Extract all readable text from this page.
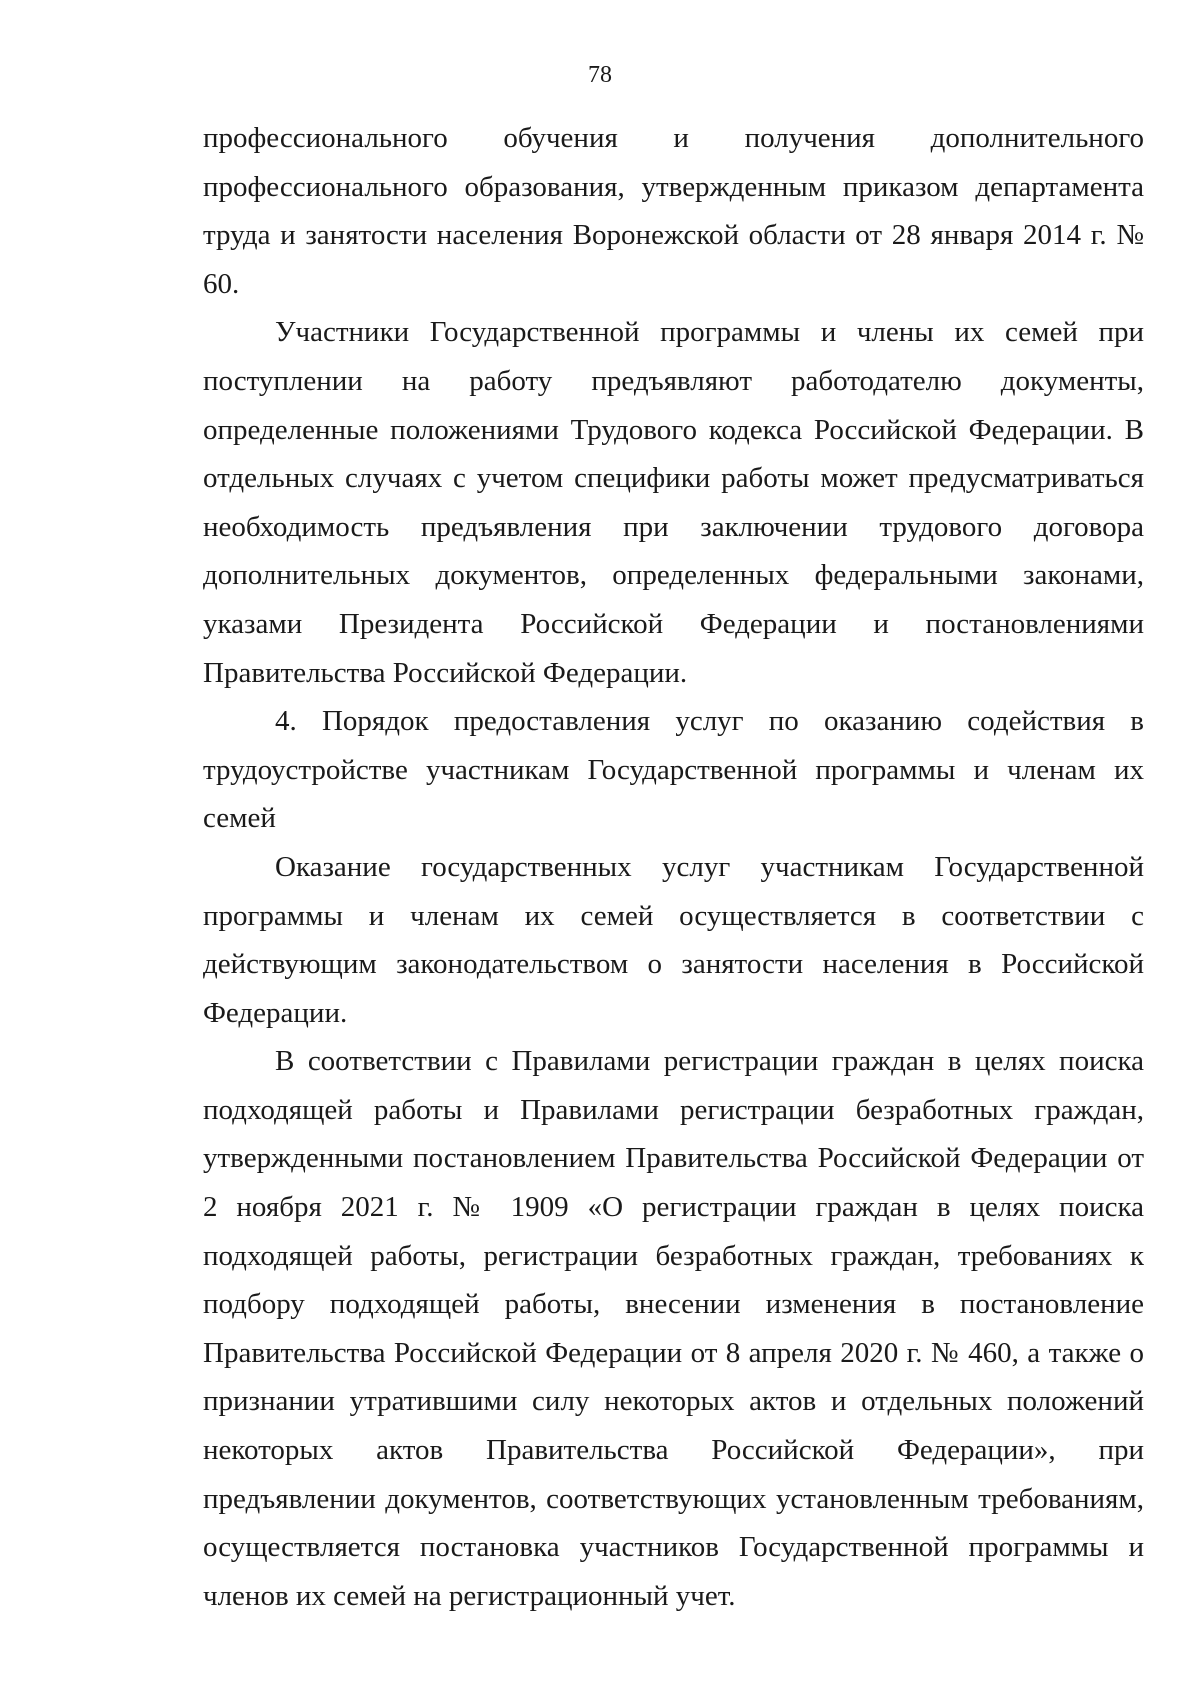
78

профессионального обучения и получения дополнительного профессионального образования, утвержденным приказом департамента труда и занятости населения Воронежской области от 28 января 2014 г. № 60.

Участники Государственной программы и члены их семей при поступлении на работу предъявляют работодателю документы, определенные положениями Трудового кодекса Российской Федерации. В отдельных случаях с учетом специфики работы может предусматриваться необходимость предъявления при заключении трудового договора дополнительных документов, определенных федеральными законами, указами Президента Российской Федерации и постановлениями Правительства Российской Федерации.

4. Порядок предоставления услуг по оказанию содействия в трудоустройстве участникам Государственной программы и членам их семей

Оказание государственных услуг участникам Государственной программы и членам их семей осуществляется в соответствии с действующим законодательством о занятости населения в Российской Федерации.

В соответствии с Правилами регистрации граждан в целях поиска подходящей работы и Правилами регистрации безработных граждан, утвержденными постановлением Правительства Российской Федерации от 2 ноября 2021 г. № 1909 «О регистрации граждан в целях поиска подходящей работы, регистрации безработных граждан, требованиях к подбору подходящей работы, внесении изменения в постановление Правительства Российской Федерации от 8 апреля 2020 г. № 460, а также о признании утратившими силу некоторых актов и отдельных положений некоторых актов Правительства Российской Федерации», при предъявлении документов, соответствующих установленным требованиям, осуществляется постановка участников Государственной программы и членов их семей на регистрационный учет.
